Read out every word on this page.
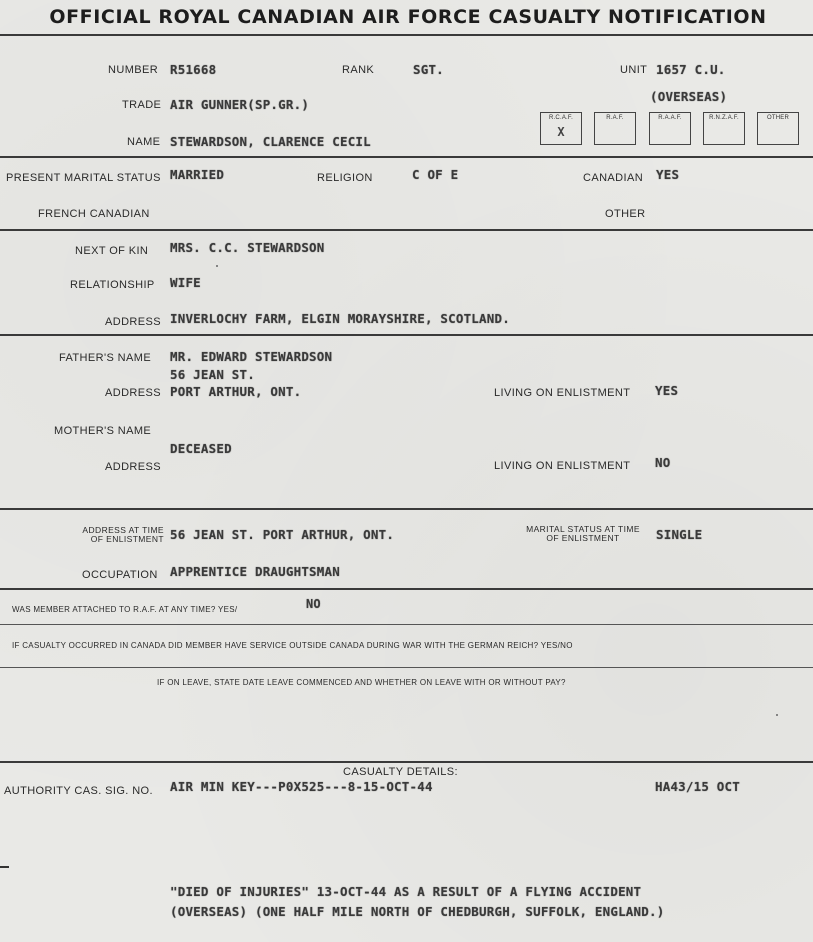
OFFICIAL ROYAL CANADIAN AIR FORCE CASUALTY NOTIFICATION
NUMBER R51668	RANK	SGT.	UNIT 1657 C.U.
(OVERSEAS)
TRADE AIR GUNNER(SP.GR.)
NAME STEWARDSON, CLARENCE CECIL
R.C.A.F.
X
R.A.F.	R.A.A.F.	R.N.Z.A.F.	OTHER
PRESENT MARITAL STATUS MARRIED	RELIGION	C OF E	CANADIAN YES
FRENCH CANADIAN	OTHER
NEXT OF KIN MRS. C.C. STEWARDSON
RELATIONSHIP WIFE
ADDRESS INVERLOCHY FARM, ELGIN MORAYSHIRE, SCOTLAND.
FATHER'S NAME MR. EDWARD STEWARDSON
56 JEAN ST.
ADDRESS PORT ARTHUR, ONT.	LIVING ON ENLISTMENT YES
MOTHER'S NAME
DECEASED
ADDRESS	LIVING ON ENLISTMENT NO
ADDRESS AT TIME
OF ENLISTMENT 56 JEAN ST. PORT ARTHUR, ONT.	MARITAL STATUS AT TIME
OF ENLISTMENT	SINGLE
OCCUPATION APPRENTICE DRAUGHTSMAN
WAS MEMBER ATTACHED TO R.A.F. AT ANY TIME? YES/	NO
IF CASUALTY OCCURRED IN CANADA DID MEMBER HAVE SERVICE OUTSIDE CANADA DURING WAR WITH THE GERMAN REICH? YES/NO
IF ON LEAVE, STATE DATE LEAVE COMMENCED AND WHETHER ON LEAVE WITH OR WITHOUT PAY?
CASUALTY DETAILS:
AUTHORITY CAS. SIG. NO. AIR MIN KEY---P0X525---8-15-OCT-44	HA43/15 OCT
"DIED OF INJURIES" 13-OCT-44 AS A RESULT OF A FLYING ACCIDENT
(OVERSEAS) (ONE HALF MILE NORTH OF CHEDBURGH, SUFFOLK, ENGLAND.)
